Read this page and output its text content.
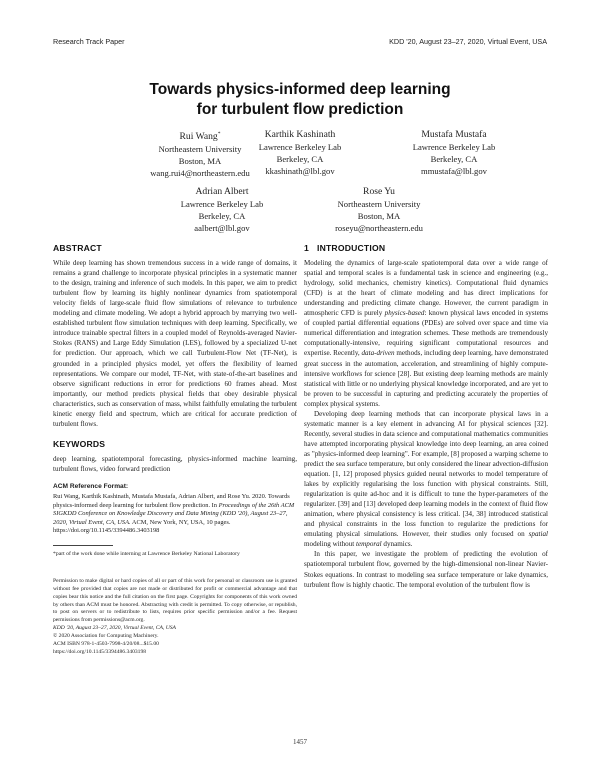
Research Track Paper	KDD '20, August 23–27, 2020, Virtual Event, USA
Towards physics-informed deep learning
for turbulent flow prediction
Rui Wang*
Northeastern University
Boston, MA
wang.rui4@northeastern.edu
Karthik Kashinath
Lawrence Berkeley Lab
Berkeley, CA
kkashinath@lbl.gov
Mustafa Mustafa
Lawrence Berkeley Lab
Berkeley, CA
mmustafa@lbl.gov
Adrian Albert
Lawrence Berkeley Lab
Berkeley, CA
aalbert@lbl.gov
Rose Yu
Northeastern University
Boston, MA
roseyu@northeastern.edu
ABSTRACT

While deep learning has shown tremendous success in a wide range of domains, it remains a grand challenge to incorporate physical principles in a systematic manner to the design, training and inference of such models. In this paper, we aim to predict turbulent flow by learning its highly nonlinear dynamics from spatiotemporal velocity fields of large-scale fluid flow simulations of relevance to turbulence modeling and climate modeling. We adopt a hybrid approach by marrying two well-established turbulent flow simulation techniques with deep learning. Specifically, we introduce trainable spectral filters in a coupled model of Reynolds-averaged Navier-Stokes (RANS) and Large Eddy Simulation (LES), followed by a specialized U-net for prediction. Our approach, which we call Turbulent-Flow Net (TF-Net), is grounded in a principled physics model, yet offers the flexibility of learned representations. We compare our model, TF-Net, with state-of-the-art baselines and observe significant reductions in error for predictions 60 frames ahead. Most importantly, our method predicts physical fields that obey desirable physical characteristics, such as conservation of mass, whilst faithfully emulating the turbulent kinetic energy field and spectrum, which are critical for accurate prediction of turbulent flows.

KEYWORDS

deep learning, spatiotemporal forecasting, physics-informed machine learning, turbulent flows, video forward prediction

ACM Reference Format:
Rui Wang, Karthik Kashinath, Mustafa Mustafa, Adrian Albert, and Rose Yu. 2020. Towards physics-informed deep learning for turbulent flow prediction. In Proceedings of the 26th ACM SIGKDD Conference on Knowledge Discovery and Data Mining (KDD '20), August 23–27, 2020, Virtual Event, CA, USA. ACM, New York, NY, USA, 10 pages. https://doi.org/10.1145/3394486.3403198
*part of the work done while interning at Lawrence Berkeley National Laboratory
Permission to make digital or hard copies of all or part of this work for personal or classroom use is granted without fee provided that copies are not made or distributed for profit or commercial advantage and that copies bear this notice and the full citation on the first page. Copyrights for components of this work owned by others than ACM must be honored. Abstracting with credit is permitted. To copy otherwise, or republish, to post on servers or to redistribute to lists, requires prior specific permission and/or a fee. Request permissions from permissions@acm.org.
KDD '20, August 23–27, 2020, Virtual Event, CA, USA
© 2020 Association for Computing Machinery.
ACM ISBN 978-1-4503-7998-4/20/08...$15.00
https://doi.org/10.1145/3394486.3403198
1 INTRODUCTION

Modeling the dynamics of large-scale spatiotemporal data over a wide range of spatial and temporal scales is a fundamental task in science and engineering (e.g., hydrology, solid mechanics, chemistry kinetics). Computational fluid dynamics (CFD) is at the heart of climate modeling and has direct implications for understanding and predicting climate change. However, the current paradigm in atmospheric CFD is purely physics-based: known physical laws encoded in systems of coupled partial differential equations (PDEs) are solved over space and time via numerical differentiation and integration schemes. These methods are tremendously computationally-intensive, requiring significant computational resources and expertise. Recently, data-driven methods, including deep learning, have demonstrated great success in the automation, acceleration, and streamlining of highly compute-intensive workflows for science [28]. But existing deep learning methods are mainly statistical with little or no underlying physical knowledge incorporated, and are yet to be proven to be successful in capturing and predicting accurately the properties of complex physical systems.

Developing deep learning methods that can incorporate physical laws in a systematic manner is a key element in advancing AI for physical sciences [32]. Recently, several studies in data science and computational mathematics communities have attempted incorporating physical knowledge into deep learning, an area coined as "physics-informed deep learning". For example, [8] proposed a warping scheme to predict the sea surface temperature, but only considered the linear advection-diffusion equation. [1, 12] proposed physics guided neural networks to model temperature of lakes by explicitly regularising the loss function with physical constraints. Still, regularization is quite ad-hoc and it is difficult to tune the hyper-parameters of the regularizer. [39] and [13] developed deep learning models in the context of fluid flow animation, where physical consistency is less critical. [34, 38] introduced statistical and physical constraints in the loss function to regularize the predictions for emulating physical simulations. However, their studies only focused on spatial modeling without temporal dynamics.

In this paper, we investigate the problem of predicting the evolution of spatiotemporal turbulent flow, governed by the high-dimensional non-linear Navier-Stokes equations. In contrast to modeling sea surface temperature or lake dynamics, turbulent flow is highly chaotic. The temporal evolution of the turbulent flow is

1457
